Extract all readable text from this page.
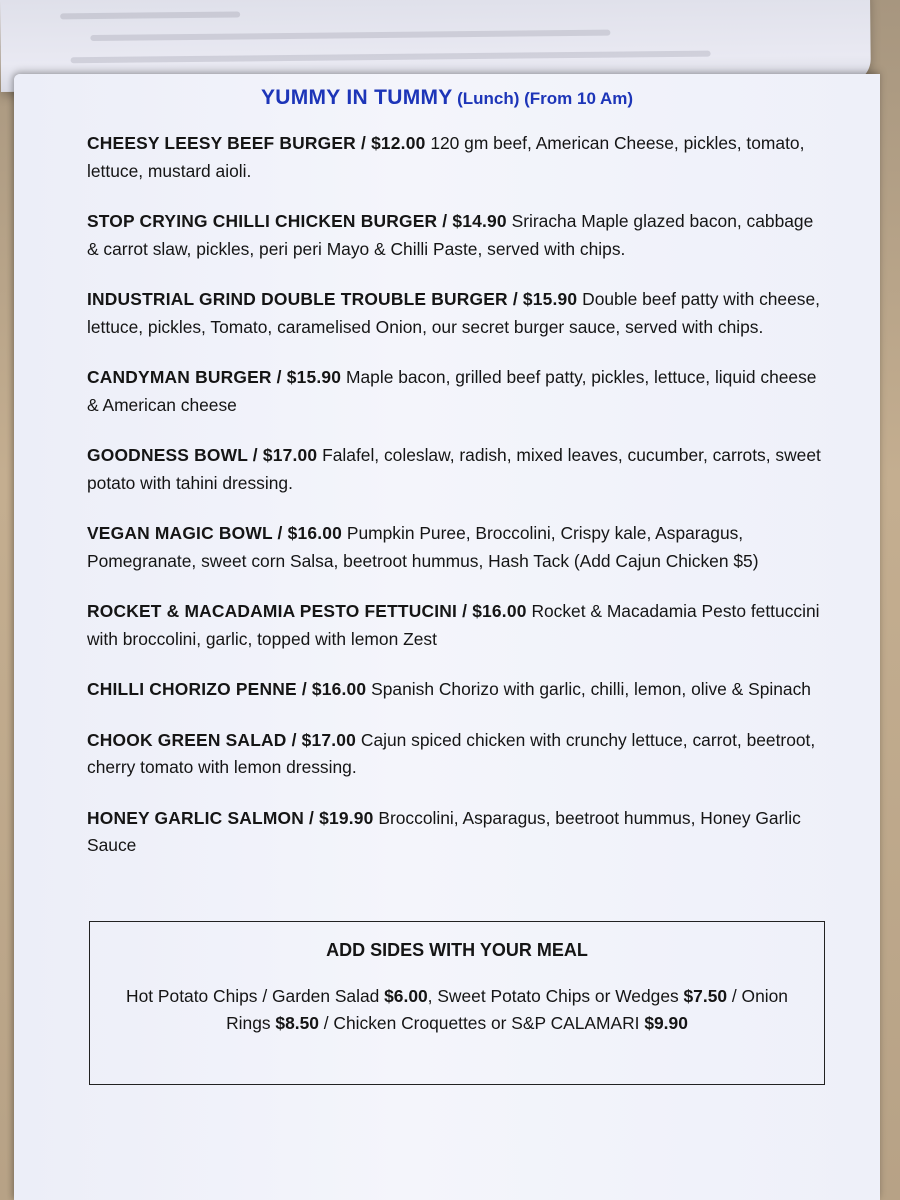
YUMMY IN TUMMY (Lunch) (From 10 Am)
CHEESY LEESY BEEF BURGER / $12.00 120 gm beef, American Cheese, pickles, tomato, lettuce, mustard aioli.
STOP CRYING CHILLI CHICKEN BURGER / $14.90 Sriracha Maple glazed bacon, cabbage & carrot slaw, pickles, peri peri Mayo & Chilli Paste, served with chips.
INDUSTRIAL GRIND DOUBLE TROUBLE BURGER / $15.90 Double beef patty with cheese, lettuce, pickles, Tomato, caramelised Onion, our secret burger sauce, served with chips.
CANDYMAN BURGER / $15.90 Maple bacon, grilled beef patty, pickles, lettuce, liquid cheese & American cheese
GOODNESS BOWL / $17.00 Falafel, coleslaw, radish, mixed leaves, cucumber, carrots, sweet potato with tahini dressing.
VEGAN MAGIC BOWL / $16.00 Pumpkin Puree, Broccolini, Crispy kale, Asparagus, Pomegranate, sweet corn Salsa, beetroot hummus, Hash Tack (Add Cajun Chicken $5)
ROCKET & MACADAMIA PESTO FETTUCINI / $16.00 Rocket & Macadamia Pesto fettuccini with broccolini, garlic, topped with lemon Zest
CHILLI CHORIZO PENNE / $16.00 Spanish Chorizo with garlic, chilli, lemon, olive & Spinach
CHOOK GREEN SALAD / $17.00 Cajun spiced chicken with crunchy lettuce, carrot, beetroot, cherry tomato with lemon dressing.
HONEY GARLIC SALMON / $19.90 Broccolini, Asparagus, beetroot hummus, Honey Garlic Sauce
ADD SIDES WITH YOUR MEAL
Hot Potato Chips / Garden Salad $6.00, Sweet Potato Chips or Wedges $7.50 / Onion Rings $8.50 / Chicken Croquettes or S&P CALAMARI $9.90
